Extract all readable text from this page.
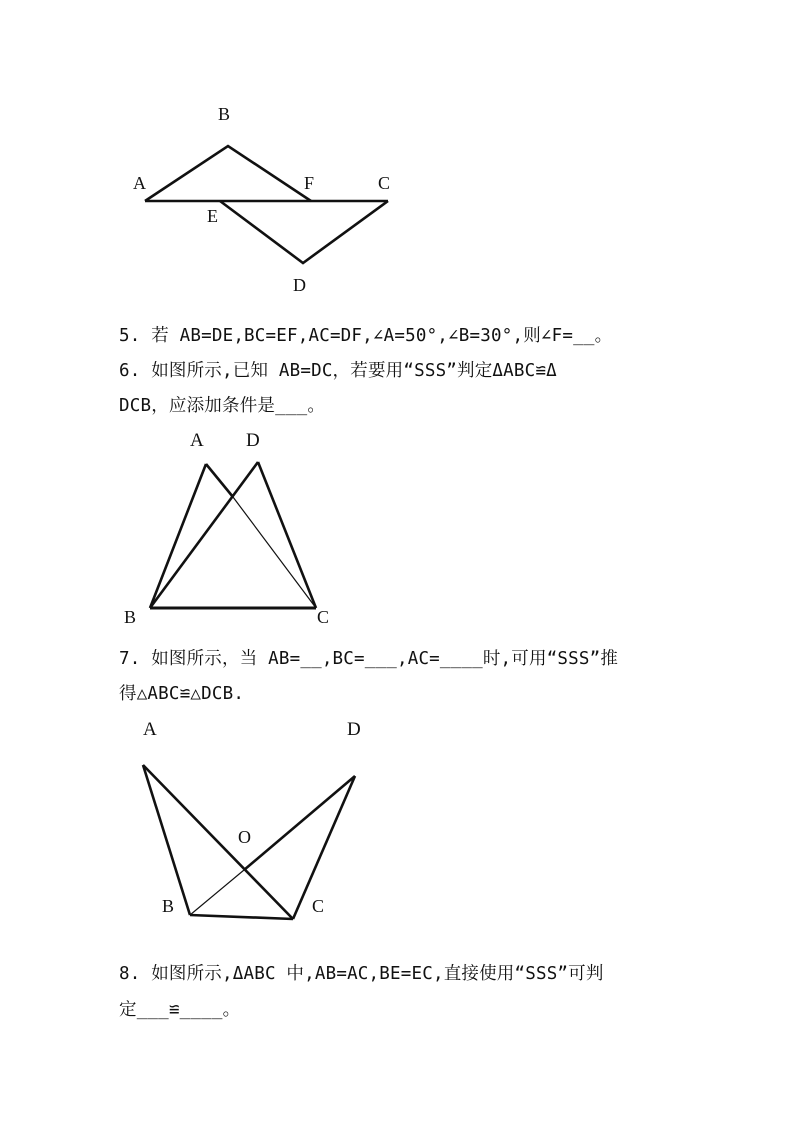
B
A	F	C
E
D
5. 若 AB=DE,BC=EF,AC=DF,∠A=50°,∠B=30°,则∠F=__。
6. 如图所示,已知 AB=DC，若要用“SSS”判定ΔABC≌Δ
DCB，应添加条件是___。
A D
B	C
7. 如图所示，当 AB=__,BC=___,AC=____时,可用“SSS”推
得△ABC≌△DCB.
A	D
O
B	C
8. 如图所示,ΔABC 中,AB=AC,BE=EC,直接使用“SSS”可判
定___≌____。
